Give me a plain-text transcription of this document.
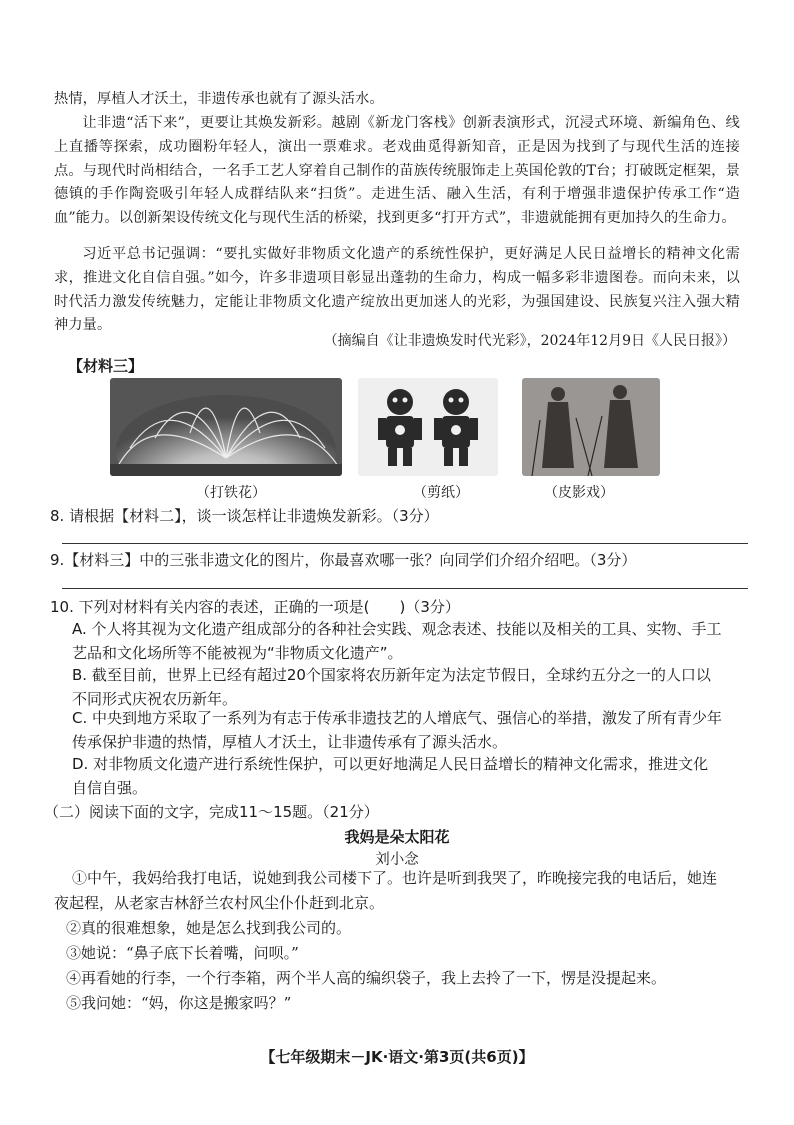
热情，厚植人才沃土，非遗传承也就有了源头活水。

让非遗“活下来”，更要让其焕发新彩。越剧《新龙门客栈》创新表演形式，沉浸式环境、新编角色、线上直播等探索，成功圈粉年轻人，演出一票难求。老戏曲觅得新知音，正是因为找到了与现代生活的连接点。与现代时尚相结合，一名手工艺人穿着自己制作的苗族传统服饰走上英国伦敦的T台；打破既定框架，景德镇的手作陶瓷吸引年轻人成群结队来“扫货”。走进生活、融入生活，有利于增强非遗保护传承工作“造血”能力。以创新架设传统文化与现代生活的桥梁，找到更多“打开方式”，非遗就能拥有更加持久的生命力。

习近平总书记强调：“要扎实做好非物质文化遗产的系统性保护，更好满足人民日益增长的精神文化需求，推进文化自信自强。”如今，许多非遗项目彰显出蓬勃的生命力，构成一幅多彩非遗图卷。而向未来，以时代活力激发传统魅力，定能让非物质文化遗产绽放出更加迷人的光彩，为强国建设、民族复兴注入强大精神力量。

（摘编自《让非遗焕发时代光彩》，2024年12月9日《人民日报》）
【材料三】
（打铁花）	（剪纸）	（皮影戏）
8. 请根据【材料二】，谈一谈怎样让非遗焕发新彩。（3分）
9.【材料三】中的三张非遗文化的图片，你最喜欢哪一张？向同学们介绍介绍吧。（3分）
10. 下列对材料有关内容的表述，正确的一项是(　　)（3分）
A. 个人将其视为文化遗产组成部分的各种社会实践、观念表述、技能以及相关的工具、实物、手工艺品和文化场所等不能被视为“非物质文化遗产”。
B. 截至目前，世界上已经有超过20个国家将农历新年定为法定节假日，全球约五分之一的人口以不同形式庆祝农历新年。
C. 中央到地方采取了一系列为有志于传承非遗技艺的人增底气、强信心的举措，激发了所有青少年传承保护非遗的热情，厚植人才沃土，让非遗传承有了源头活水。
D. 对非物质文化遗产进行系统性保护，可以更好地满足人民日益增长的精神文化需求，推进文化自信自强。
（二）阅读下面的文字，完成11～15题。（21分）
我妈是朵太阳花
刘小念
①中午，我妈给我打电话，说她到我公司楼下了。也许是听到我哭了，昨晚接完我的电话后，她连夜起程，从老家吉林舒兰农村风尘仆仆赶到北京。
②真的很难想象，她是怎么找到我公司的。
③她说：“鼻子底下长着嘴，问呗。”
④再看她的行李，一个行李箱，两个半人高的编织袋子，我上去拎了一下，愣是没提起来。
⑤我问她：“妈，你这是搬家吗？”
【七年级期末－JK·语文·第3页(共6页)】
